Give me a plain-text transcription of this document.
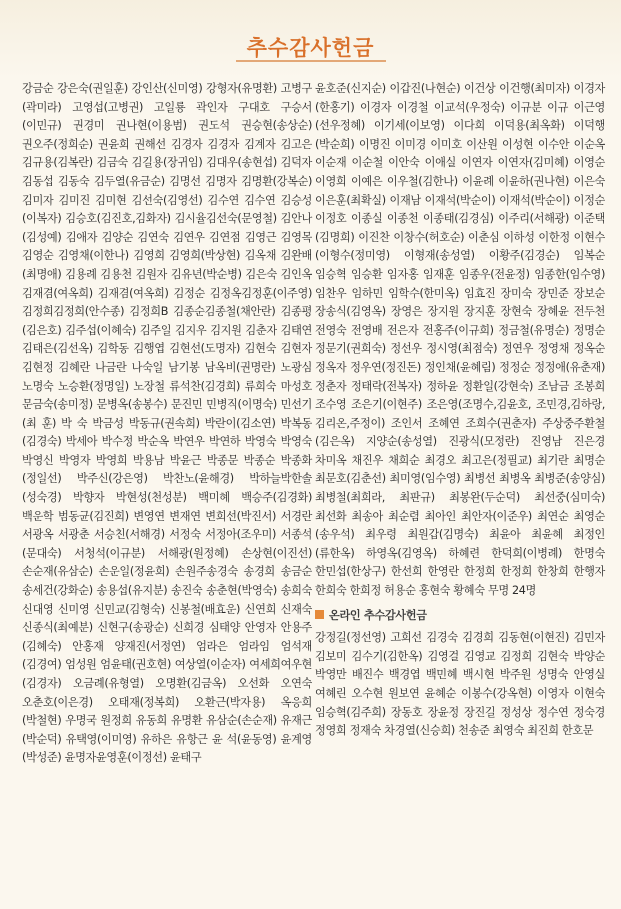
추수감사헌금
강금순 강은숙(권일훈) 강인산(신미영) 강형자(유명환) 고병구(곽미라) 고영섭(고병권) 고일룡 곽인자 구대호 구승서(이민규) 권경미 권나현(이용범) 권도석 권승현(송상순) 권오주(정희순) 권윤희 권해선 김경자 김경자 김계자 김고은 김규용(김복란) 김금숙 김길용(장귀임) 김대우(송현섭) 김덕자 김동섭 김동숙 김두열(유금순) 김명선 김명자 김명환(강복순) 김미자 김미진 김미현 김선숙(김영선) 김수연 김수연 김승성(이복자) 김승호(김진호,김화자) 김시율김선숙(문영철) 김안나(김성예) 김애자 김양순 김연숙 김연우 김연점 김영근 김영목 김영순 김영채(이한나) 김영희 김영희(박상현) 김옥채 김완배(최명애) 김용례 김용천 김원자 김유년(박순병) 김은숙 김인옥 김재겸(여옥희) 김재겸(여옥희) 김정순 김정옥김정훈(이주영) 김정희김정희(안수종) 김정희B 김종순김종철(채안란) 김종평(김은호) 김주섭(이혜숙) 김주일 김지우 김지원 김춘자 김태연 김태은(김선옥) 김학동 김행엽 김현선(도명자) 김현숙 김현자 김현정 김혜란 나금란 나숙일 남기봉 남옥비(권명란) 노광심 노명숙 노승환(정명일) 노장철 류석찬(김경희) 류희숙 마성호 문금숙(송미정) 문병옥(송봉수) 문진민 민병직(이명숙) 민선기(최 훈) 박 숙 박금성 박동규(권속희) 박란이(김소연) 박복동(김경숙) 박세아 박수정 박순옥 박연우 박연하 박영숙 박영숙 박영신 박영자 박영희 박용남 박윤근 박종문 박종순 박종화(정일선) 박주신(강은영) 박찬노(윤해경) 박하늘박한솔(성숙경) 박향자 박현성(천성분) 백미혜 백승주(김경화) 백운학 범동균(김진희) 변영연 변재연 변희선(박진서) 서경란 서광옥 서광춘 서승친(서해경) 서정숙 서정아(조우미) 서종석(문대숙) 서청석(이규분) 서해광(원정혜) 손상현(이진선) 손순재(유삼순) 손운일(정윤희) 손원주송경숙 송경희 송금순 송세건(강화순) 송용섭(유지분) 송진숙 송춘현(박영숙) 송희숙 신대영 신미영 신민교(김형숙) 신봉철(배효운) 신연희 신재숙 신종식(최예분) 신현구(송광순) 신희경 심태양 안영자 안용주(김혜숙) 안홍재 양재진(서정연) 엄라은 엄라임 엄석재(김경여) 엄성원 엄윤태(권호현) 여상열(이순자) 여세희여우현(김경자) 오금례(유형열) 오명환(김금옥) 오선화 오연숙 오춘호(이은경) 오태재(정복희) 오환근(박자용) 옥응희(박철현) 우명국 원정희 유동희 유명환 유삼순(손순재) 유재근(박순덕) 유택영(이미영) 유하은 유항근 윤 석(윤동영) 윤계영(박성준) 윤명자윤영훈(이정선) 윤태구
윤호준(신지순) 이갑진(나현순) 이건상 이건행(최미자) 이경자(한홍기) 이경자 이경철 이교석(우정숙) 이규분 이규 이근영(선우정혜) 이기세(이보영) 이다희 이덕용(최옥화) 이덕행(박순희) 이명진 이미경 이미호 이산원 이성현 이수안 이순옥 이순재 이순철 이안숙 이애실 이연자 이연자(김미혜) 이영순 이영희 이예은 이우철(김한나) 이윤례 이윤하(권나현) 이은숙 이은훈(최확실) 이재남 이재석(박순이) 이재석(박순이) 이정순 이정호 이종실 이종천 이종태(김경심) 이주리(서해광) 이준택(김명희) 이진찬 이창수(허호순) 이춘심 이하성 이한정 이현수(이형수(정미영) 이형재(송성열) 이황주(김경순) 임복순 임승혁 임승환 임자홍 임재훈 임종우(전윤정) 임종한(임수영) 임찬우 임하민 임학수(한미옥) 임효진 장미숙 장민준 장보순 장송식(김영옥) 장영은 장지원 장지훈 장현숙 장혜윤 전두천 전영숙 전영배 전은자 전홍주(이규희) 정금철(유명순) 정명순 정문기(권희숙) 정선우 정시영(최점숙) 정연우 정영채 정옥순 정옥자 정우연(정진돈) 정인채(윤혜림) 정정순 정정애(유춘재) 정춘자 정태락(전복자) 정하윤 정환일(강현숙) 조남금 조봉희 조수영 조은기(이현주) 조은영(조명수,김윤호, 조민경,김하랑,김리온,주정이) 조인서 조혜연 조희수(권춘자) 주상중주환철(김은옥) 지양순(송성열) 진광식(모정란) 진영남 진은경 차미옥 채진우 채희순 최경오 최고은(정필교) 최기란 최명순 최문호(김춘선) 최미영(임수영) 최병선 최병옥 최병준(송양심) 최병철(최희라, 최판규) 최봉완(두순덕) 최선중(심미숙) 최선화 최송아 최순렴 최아인 최안자(이준우) 최연순 최영순(송우석) 최우령 최원갑(김명숙) 최윤아 최윤혜 최정인(류한옥) 하영옥(김영옥) 하혜련 한덕희(이병례) 한명숙 한민섭(한상구) 한선희 한영란 한정희 한정희 한창희 한행자 한희숙 한희정 허용순 홍현숙 황혜숙 무명 24명
온라인 추수감사헌금
강정길(정선영) 고희선 김경숙 김경희 김동현(이현진) 김민자 김보미 김수기(김한옥) 김영걸 김영교 김정희 김현숙 박양순 박영만 배진수 백경엽 백민혜 백시현 박주원 성명숙 안영실 여혜린 오수현 원보연 윤혜순 이봉수(강옥현) 이영자 이현숙 임승혁(김주희) 장동호 장윤정 장진길 정성상 정수연 정숙경 정영희 정재숙 차경열(신승희) 천송준 최영숙 최진희 한호문
